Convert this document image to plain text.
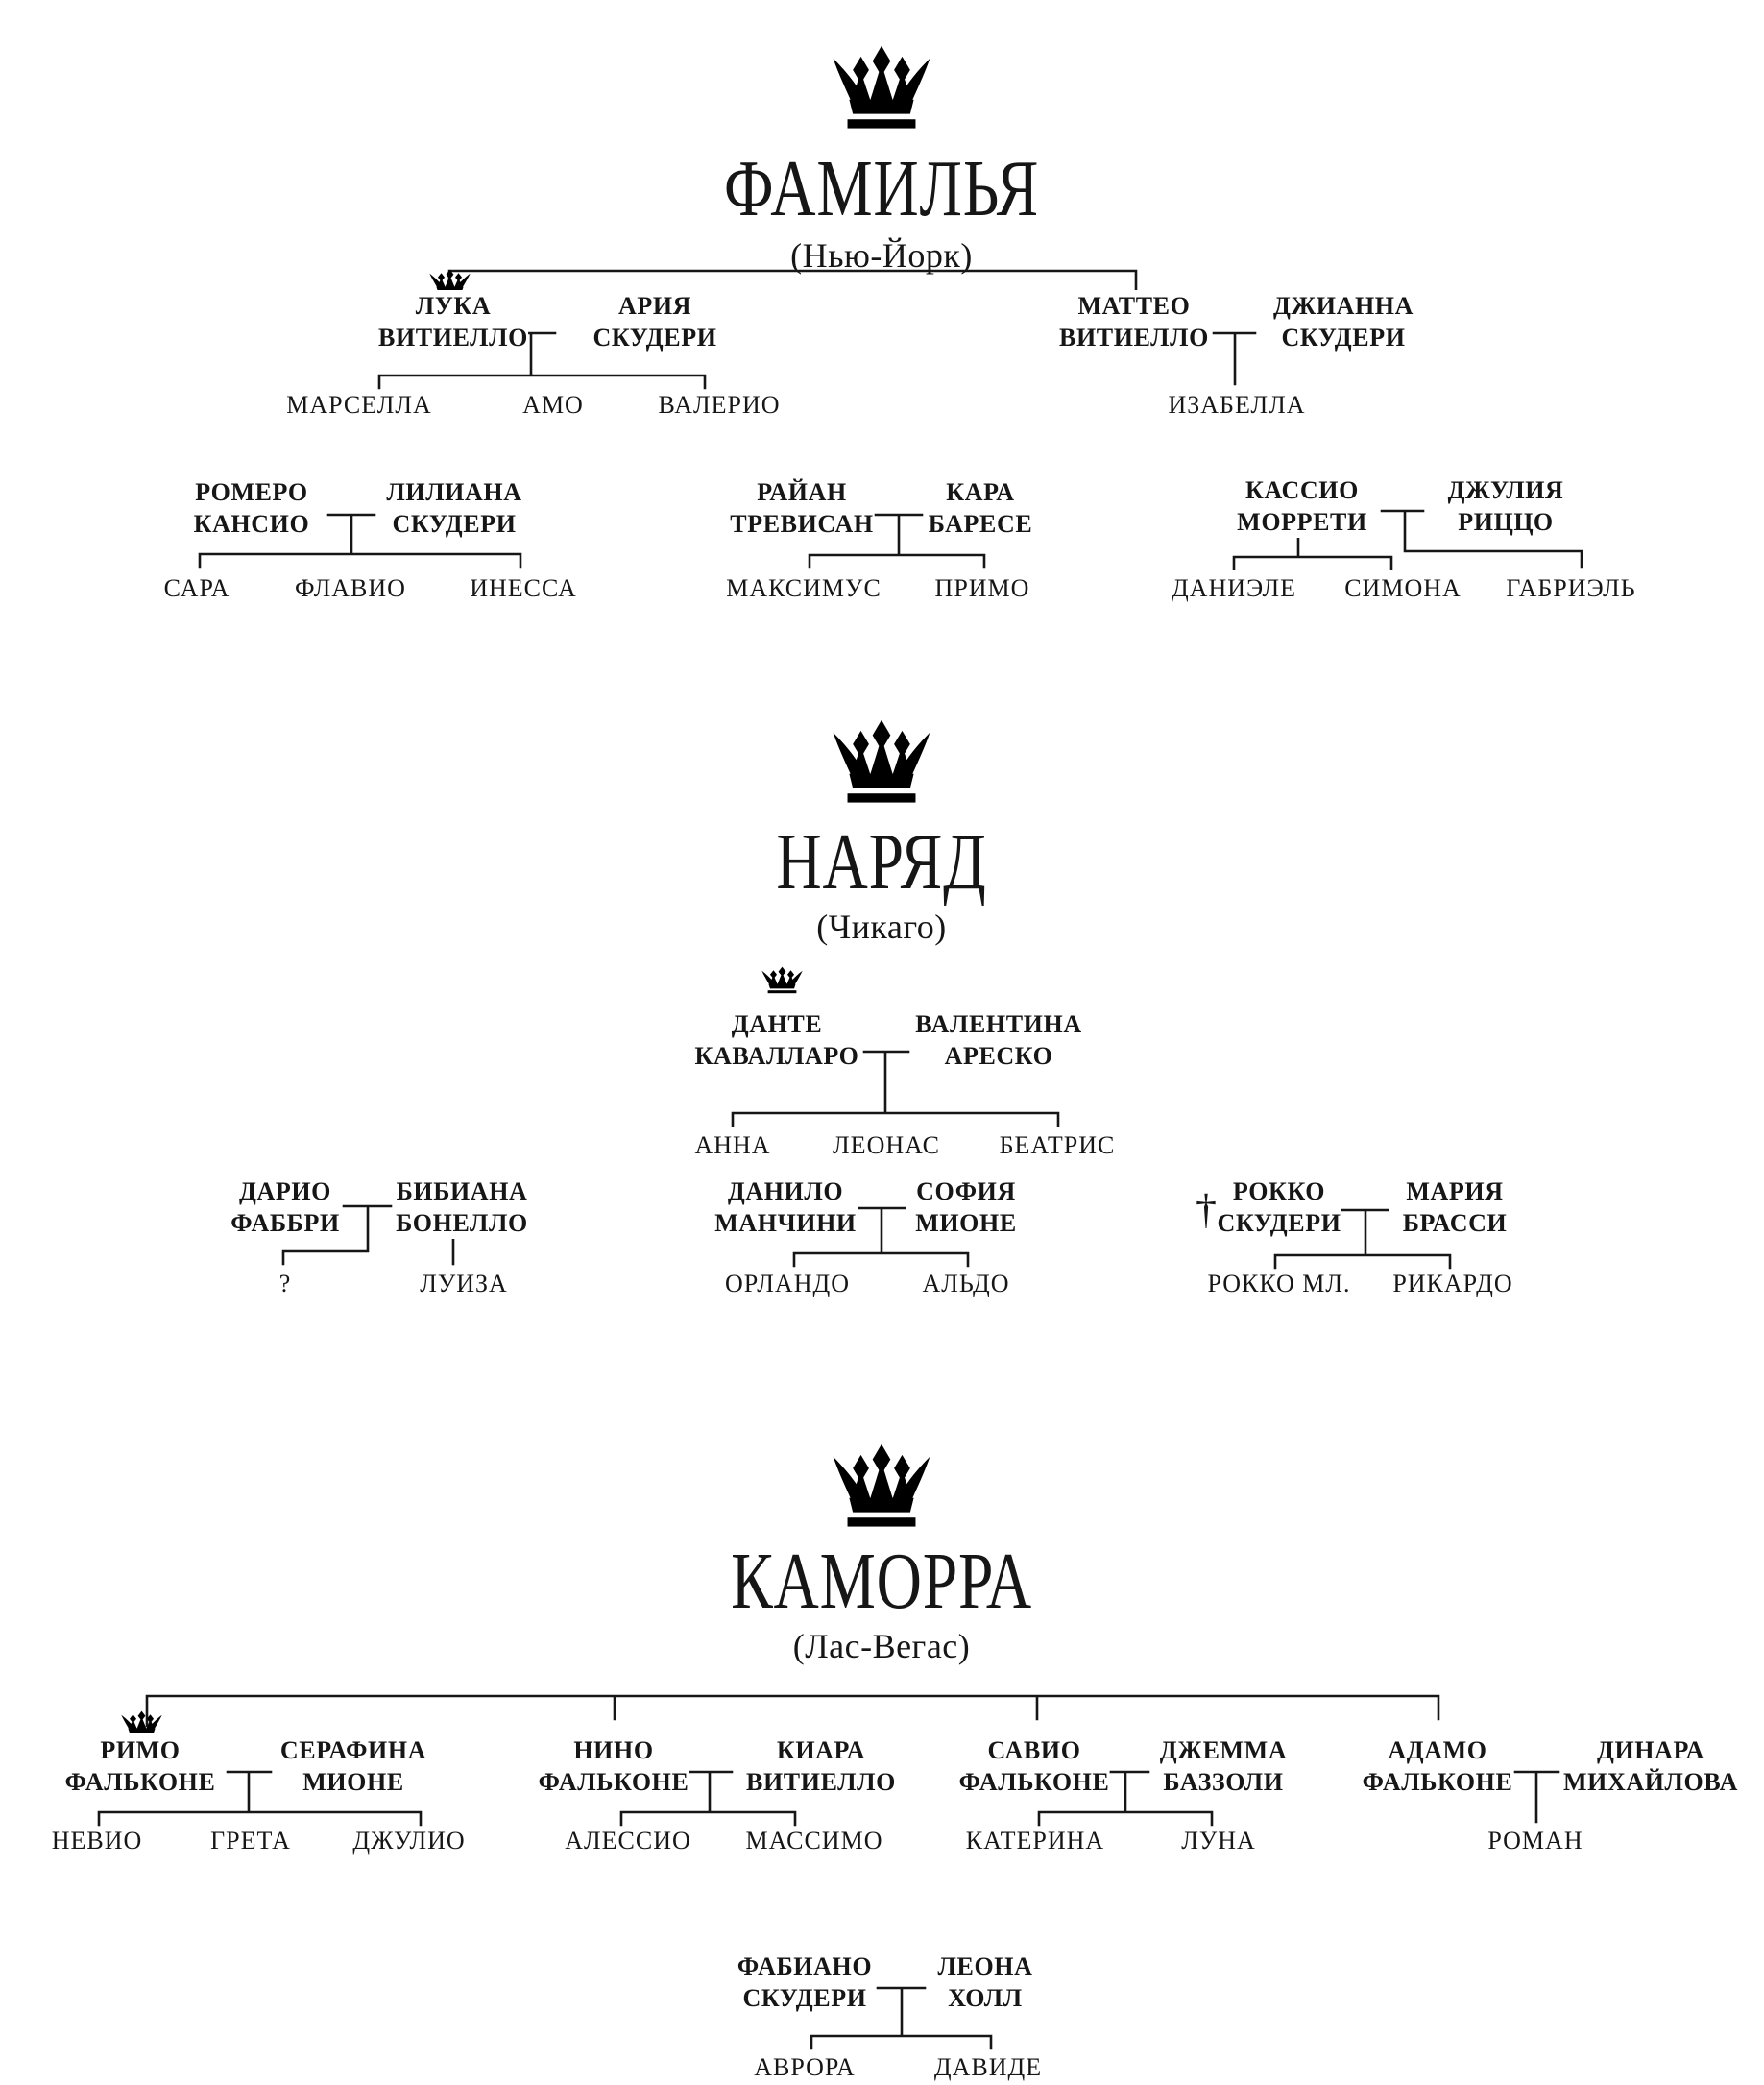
ФАМИЛЬЯ
(Нью-Йорк)
ЛУКА
ВИТИЕЛЛО
АРИЯ
СКУДЕРИ
МАРСЕЛЛА	АМО	ВАЛЕРИО
МАТТЕО
ВИТИЕЛЛО
ДЖИАННА
СКУДЕРИ
ИЗАБЕЛЛА
РОМЕРО
КАНСИО
ЛИЛИАНА
СКУДЕРИ
САРА	ФЛАВИО	ИНЕССА
РАЙАН
ТРЕВИСАН
КАРА
БАРЕСЕ
МАКСИМУС ПРИМО
КАССИО
МОРРЕТИ
ДЖУЛИЯ
РИЦЦО
ДАНИЭЛЕ СИМОНА ГАБРИЭЛЬ
НАРЯД
(Чикаго)
ДАНТЕ
КАВАЛЛАРО
ВАЛЕНТИНА
АРЕСКО
АННА ЛЕОНАС БЕАТРИС
ДАРИО
ФАББРИ
БИБИАНА
БОНЕЛЛО
?	ЛУИЗА
ДАНИЛО
МАНЧИНИ
СОФИЯ
МИОНЕ
ОРЛАНДО	АЛЬДО
† РОККО
СКУДЕРИ
МАРИЯ
БРАССИ
РОККО МЛ. РИКАРДО
КАМОРРА
(Лас-Вегас)
РИМО
ФАЛЬКОНЕ
СЕРАФИНА
МИОНЕ
НЕВИО	ГРЕТА ДЖУЛИО
НИНО
ФАЛЬКОНЕ
КИАРА
ВИТИЕЛЛО
АЛЕССИО МАССИМО
САВИО
ФАЛЬКОНЕ
ДЖЕММА
БАЗЗОЛИ
КАТЕРИНА	ЛУНА
АДАМО
ФАЛЬКОНЕ
ДИНАРА
МИХАЙЛОВА
РОМАН
ФАБИАНО
СКУДЕРИ
ЛЕОНА
ХОЛЛ
АВРОРА	ДАВИДЕ
